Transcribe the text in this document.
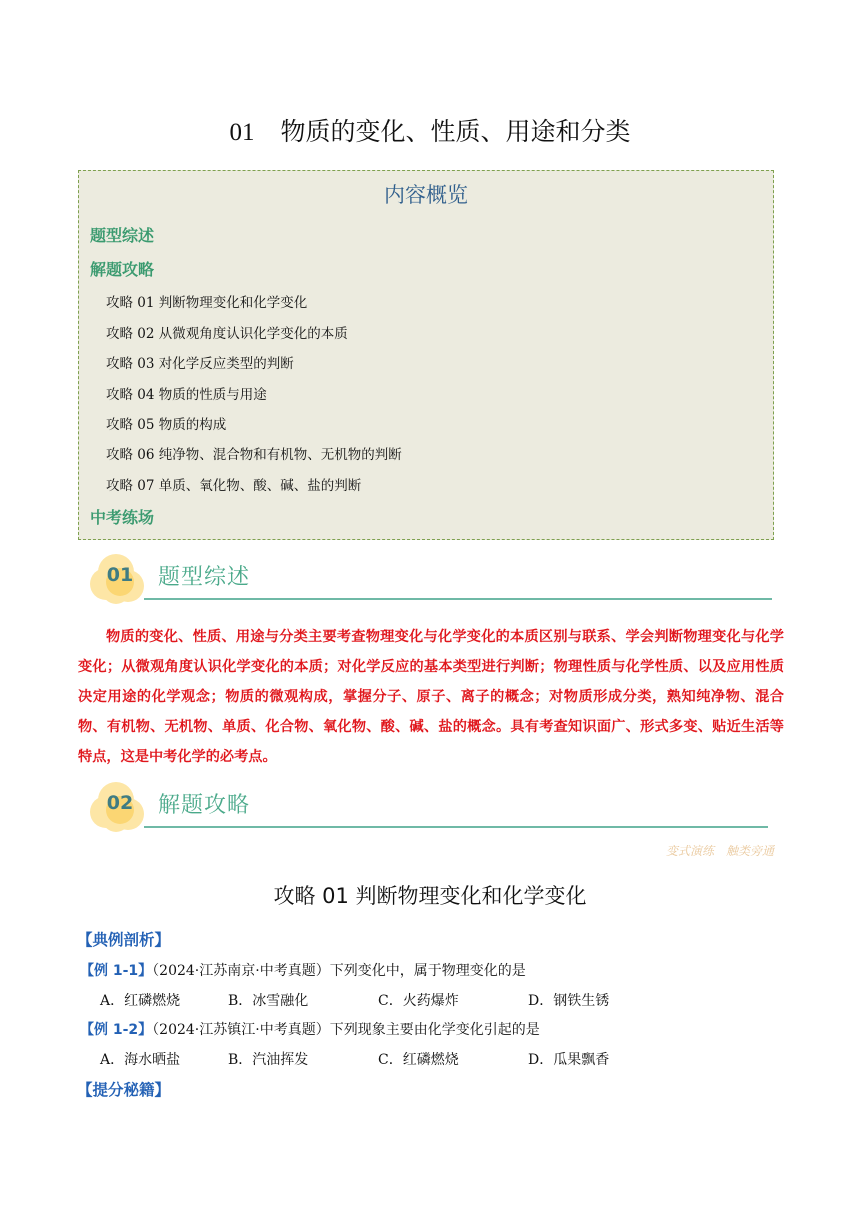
01 物质的变化、性质、用途和分类
内容概览
题型综述
解题攻略
攻略 01 判断物理变化和化学变化
攻略 02 从微观角度认识化学变化的本质
攻略 03 对化学反应类型的判断
攻略 04 物质的性质与用途
攻略 05 物质的构成
攻略 06 纯净物、混合物和有机物、无机物的判断
攻略 07 单质、氧化物、酸、碱、盐的判断
中考练场
01	题型综述
物质的变化、性质、用途与分类主要考查物理变化与化学变化的本质区别与联系、学会判断物理变化与化学变化；从微观角度认识化学变化的本质；对化学反应的基本类型进行判断；物理性质与化学性质、以及应用性质决定用途的化学观念；物质的微观构成，掌握分子、原子、离子的概念；对物质形成分类，熟知纯净物、混合物、有机物、无机物、单质、化合物、氧化物、酸、碱、盐的概念。具有考查知识面广、形式多变、贴近生活等特点，这是中考化学的必考点。
02	解题攻略
变式演练 触类旁通
攻略 01 判断物理变化和化学变化
【典例剖析】
【例 1-1】（2024·江苏南京·中考真题）下列变化中，属于物理变化的是
A．红磷燃烧	B．冰雪融化	C．火药爆炸	D．钢铁生锈
【例 1-2】（2024·江苏镇江·中考真题）下列现象主要由化学变化引起的是
A．海水晒盐	B．汽油挥发	C．红磷燃烧	D．瓜果飘香
【提分秘籍】
